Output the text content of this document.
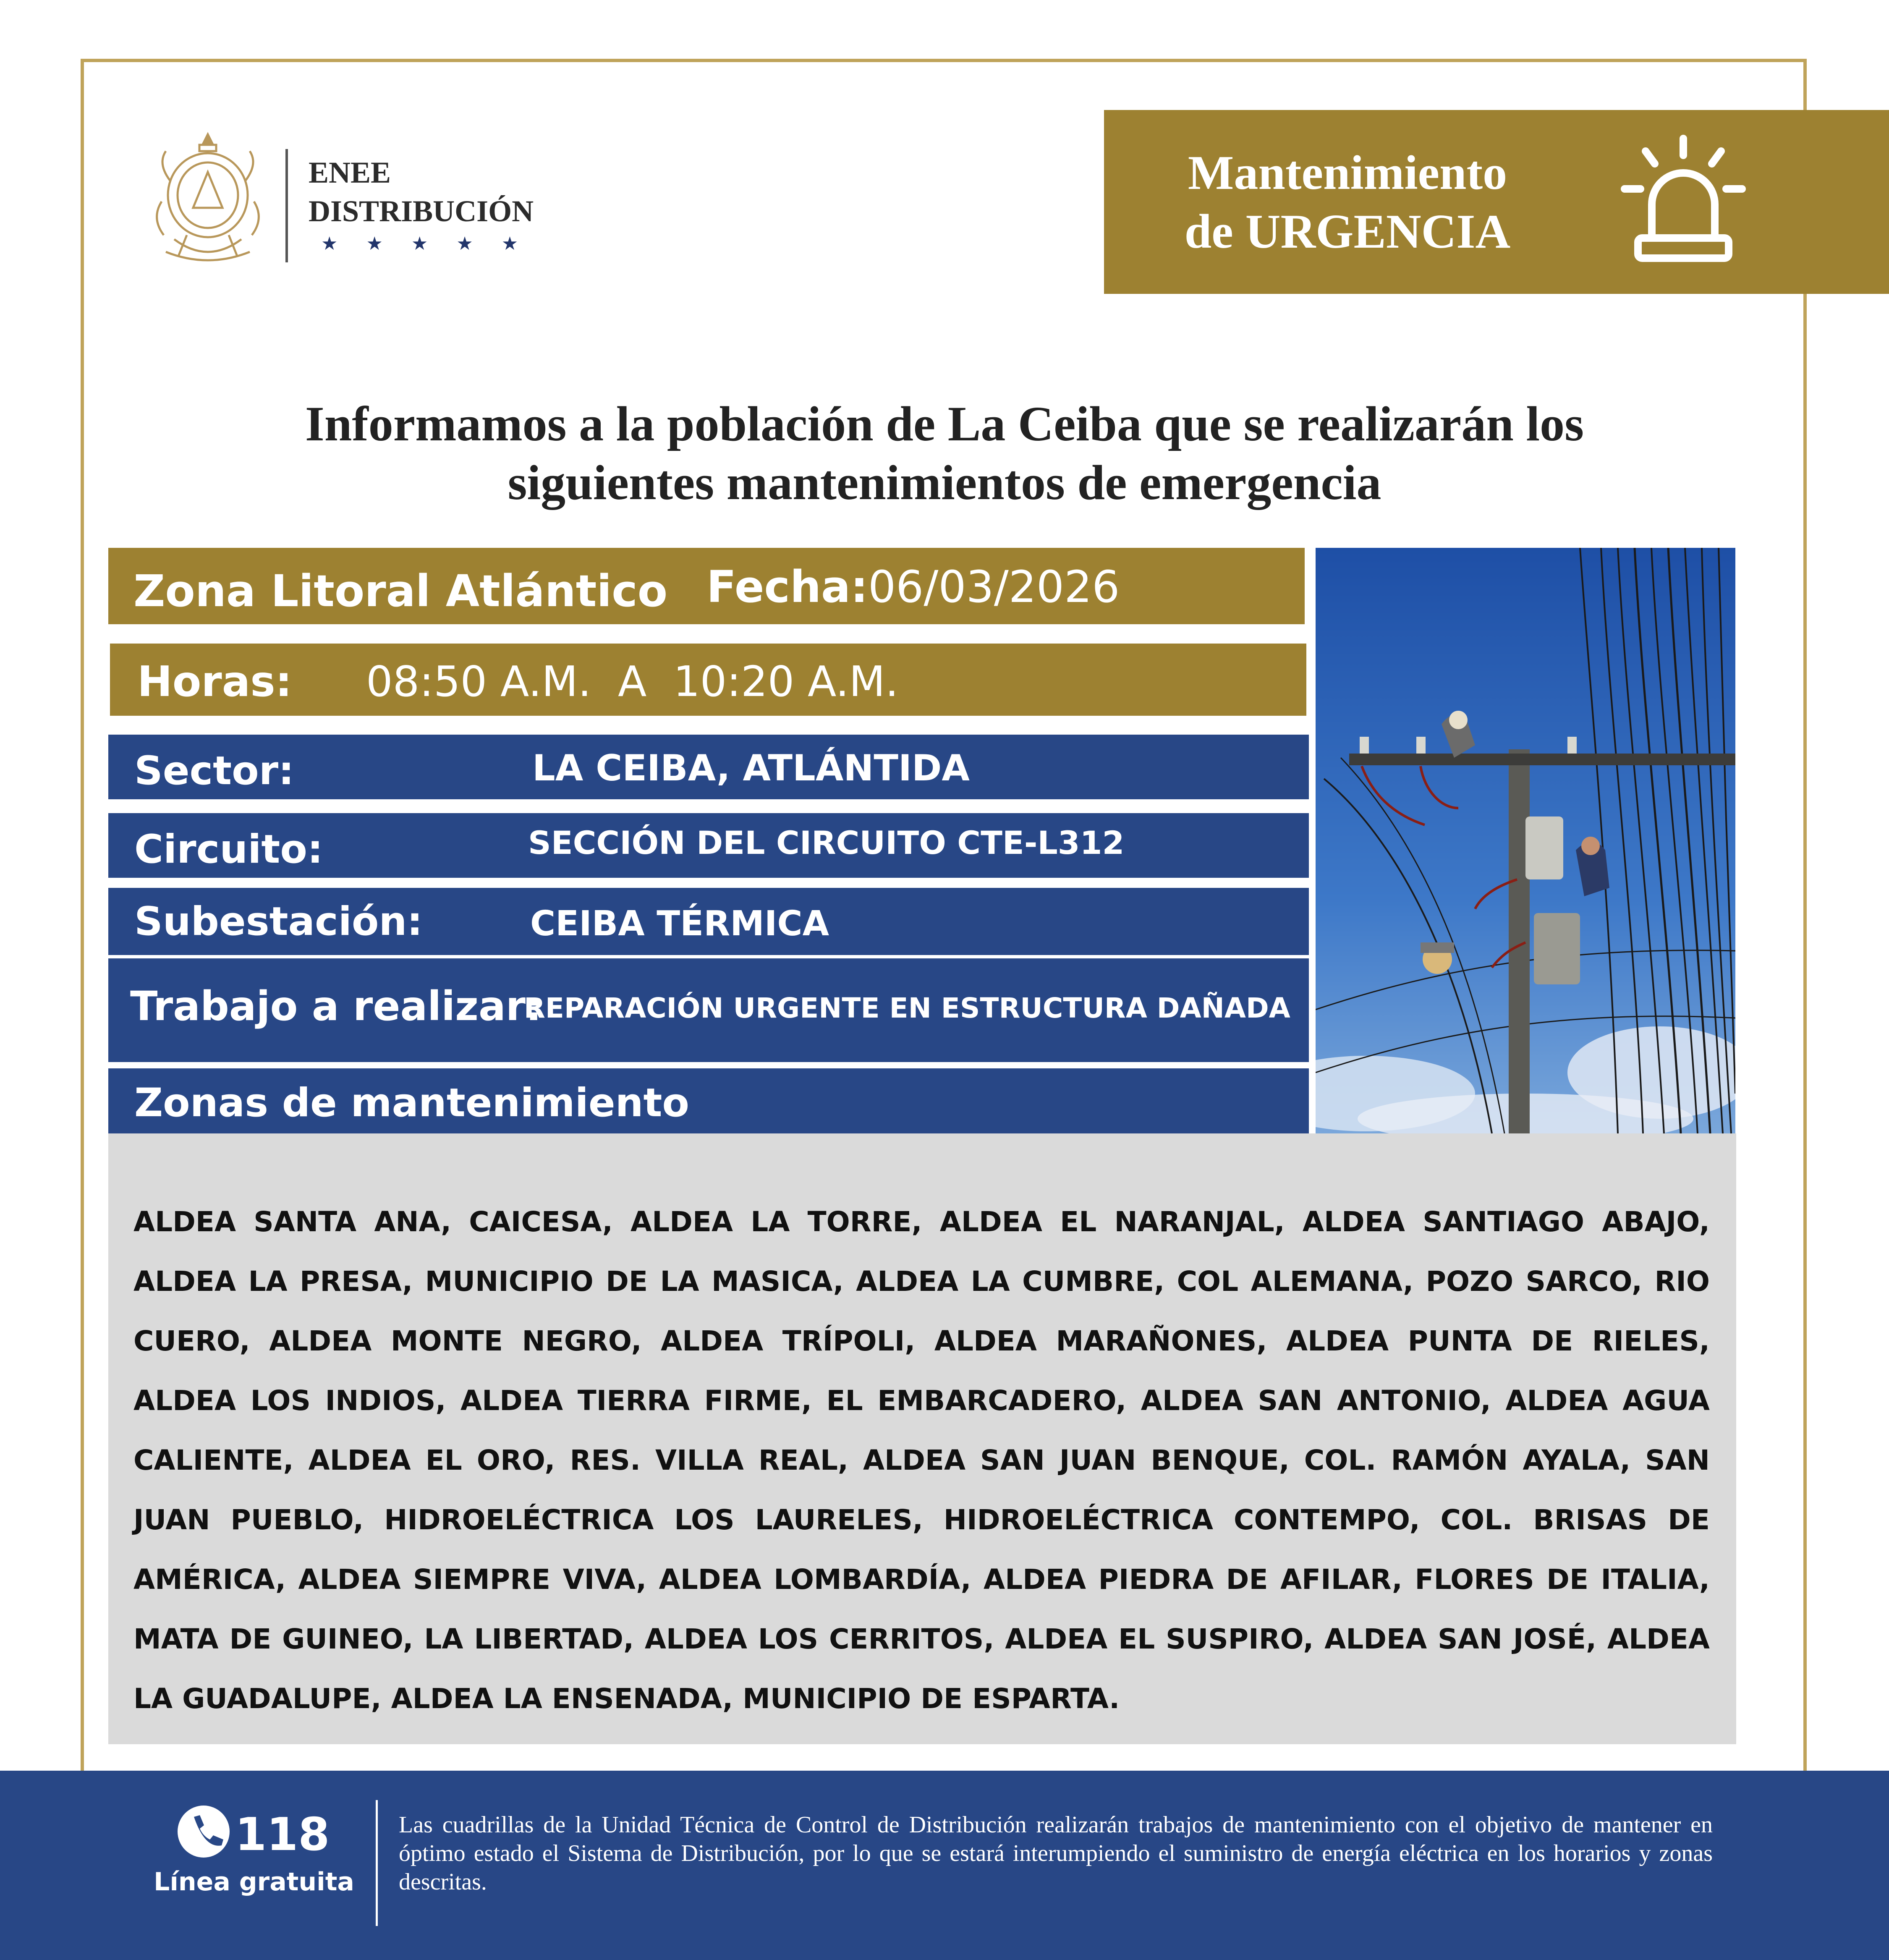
ENEE
DISTRIBUCIÓN
★★★★★
Mantenimiento
de URGENCIA
Informamos a la población de La Ceiba que se realizarán los
siguientes mantenimientos de emergencia
Zona Litoral Atlántico Fecha: 06/03/2026
Horas: 08:50 A.M.  A  10:20 A.M.
Sector:	LA CEIBA, ATLÁNTIDA
Circuito:	SECCIÓN DEL CIRCUITO CTE-L312
Subestación:	CEIBA TÉRMICA
Trabajo a realizar:
REPARACIÓN URGENTE EN ESTRUCTURA DAÑADA
Zonas de mantenimiento
ALDEA SANTA ANA, CAICESA, ALDEA LA TORRE, ALDEA EL NARANJAL, ALDEA SANTIAGO ABAJO, ALDEA LA PRESA, MUNICIPIO DE LA MASICA, ALDEA LA CUMBRE, COL ALEMANA, POZO SARCO, RIO CUERO, ALDEA MONTE NEGRO, ALDEA TRÍPOLI, ALDEA MARAÑONES, ALDEA PUNTA DE RIELES, ALDEA LOS INDIOS, ALDEA TIERRA FIRME, EL EMBARCADERO, ALDEA SAN ANTONIO, ALDEA AGUA CALIENTE, ALDEA EL ORO, RES. VILLA REAL, ALDEA SAN JUAN BENQUE, COL. RAMÓN AYALA, SAN JUAN PUEBLO, HIDROELÉCTRICA LOS LAURELES, HIDROELÉCTRICA CONTEMPO, COL. BRISAS DE AMÉRICA, ALDEA SIEMPRE VIVA, ALDEA LOMBARDÍA, ALDEA PIEDRA DE AFILAR, FLORES DE ITALIA, MATA DE GUINEO, LA LIBERTAD, ALDEA LOS CERRITOS, ALDEA EL SUSPIRO, ALDEA SAN JOSÉ, ALDEA LA GUADALUPE, ALDEA LA ENSENADA, MUNICIPIO DE ESPARTA.
118
Línea gratuita
Las cuadrillas de la Unidad Técnica de Control de Distribución realizarán trabajos de mantenimiento con el objetivo de mantener en óptimo estado el Sistema de Distribución, por lo que se estará interumpiendo el suministro de energía eléctrica en los horarios y zonas descritas.
